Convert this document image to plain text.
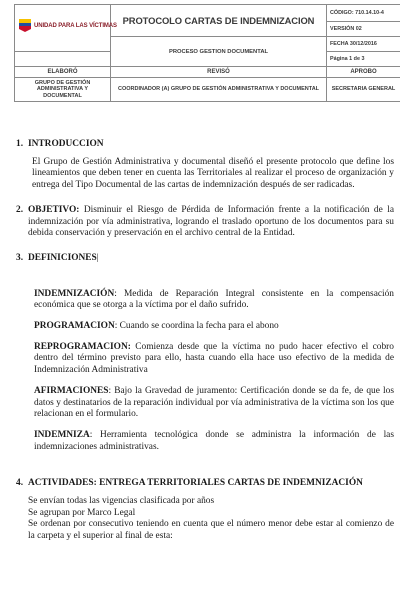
UNIDAD PARA LAS VÍCTIMAS	PROTOCOLO CARTAS DE INDEMNIZACION	CÓDIGO: 710.14.10-4
		VERSIÓN 02
	PROCESO GESTION DOCUMENTAL	FECHA 30/12/2016
		Página 1 de 3
ELABORÓ	REVISÓ	APROBO
GRUPO DE GESTIÓN ADMINISTRATIVA Y DOCUMENTAL	COORDINADOR (A) GRUPO DE GESTIÓN ADMINISTRATIVA Y DOCUMENTAL	SECRETARIA GENERAL
1. INTRODUCCION

El Grupo de Gestión Administrativa y documental diseñó el presente protocolo que define los lineamientos que deben tener en cuenta las Territoriales al realizar el proceso de organización y entrega del Tipo Documental de las cartas de indemnización después de ser radicadas.

2. OBJETIVO: Disminuir el Riesgo de Pérdida de Información frente a la notificación de la indemnización por vía administrativa, logrando el traslado oportuno de los documentos para su debida conservación y preservación en el archivo central de la Entidad.

3. DEFINICIONES|

INDEMNIZACIÓN: Medida de Reparación Integral consistente en la compensación económica que se otorga a la víctima por el daño sufrido.

PROGRAMACION: Cuando se coordina la fecha para el abono

REPROGRAMACION: Comienza desde que la víctima no pudo hacer efectivo el cobro dentro del término previsto para ello, hasta cuando ella hace uso efectivo de la medida de Indemnización Administrativa

AFIRMACIONES: Bajo la Gravedad de juramento: Certificación donde se da fe, de que los datos y destinatarios de la reparación individual por vía administrativa de la víctima son los que relacionan en el formulario.

INDEMNIZA: Herramienta tecnológica donde se administra la información de las indemnizaciones administrativas.

4. ACTIVIDADES: ENTREGA TERRITORIALES CARTAS DE INDEMNIZACIÓN

Se envían todas las vigencias clasificada por años

Se agrupan por Marco Legal

Se ordenan por consecutivo teniendo en cuenta que el número menor debe estar al comienzo de la carpeta y el superior al final de esta:
